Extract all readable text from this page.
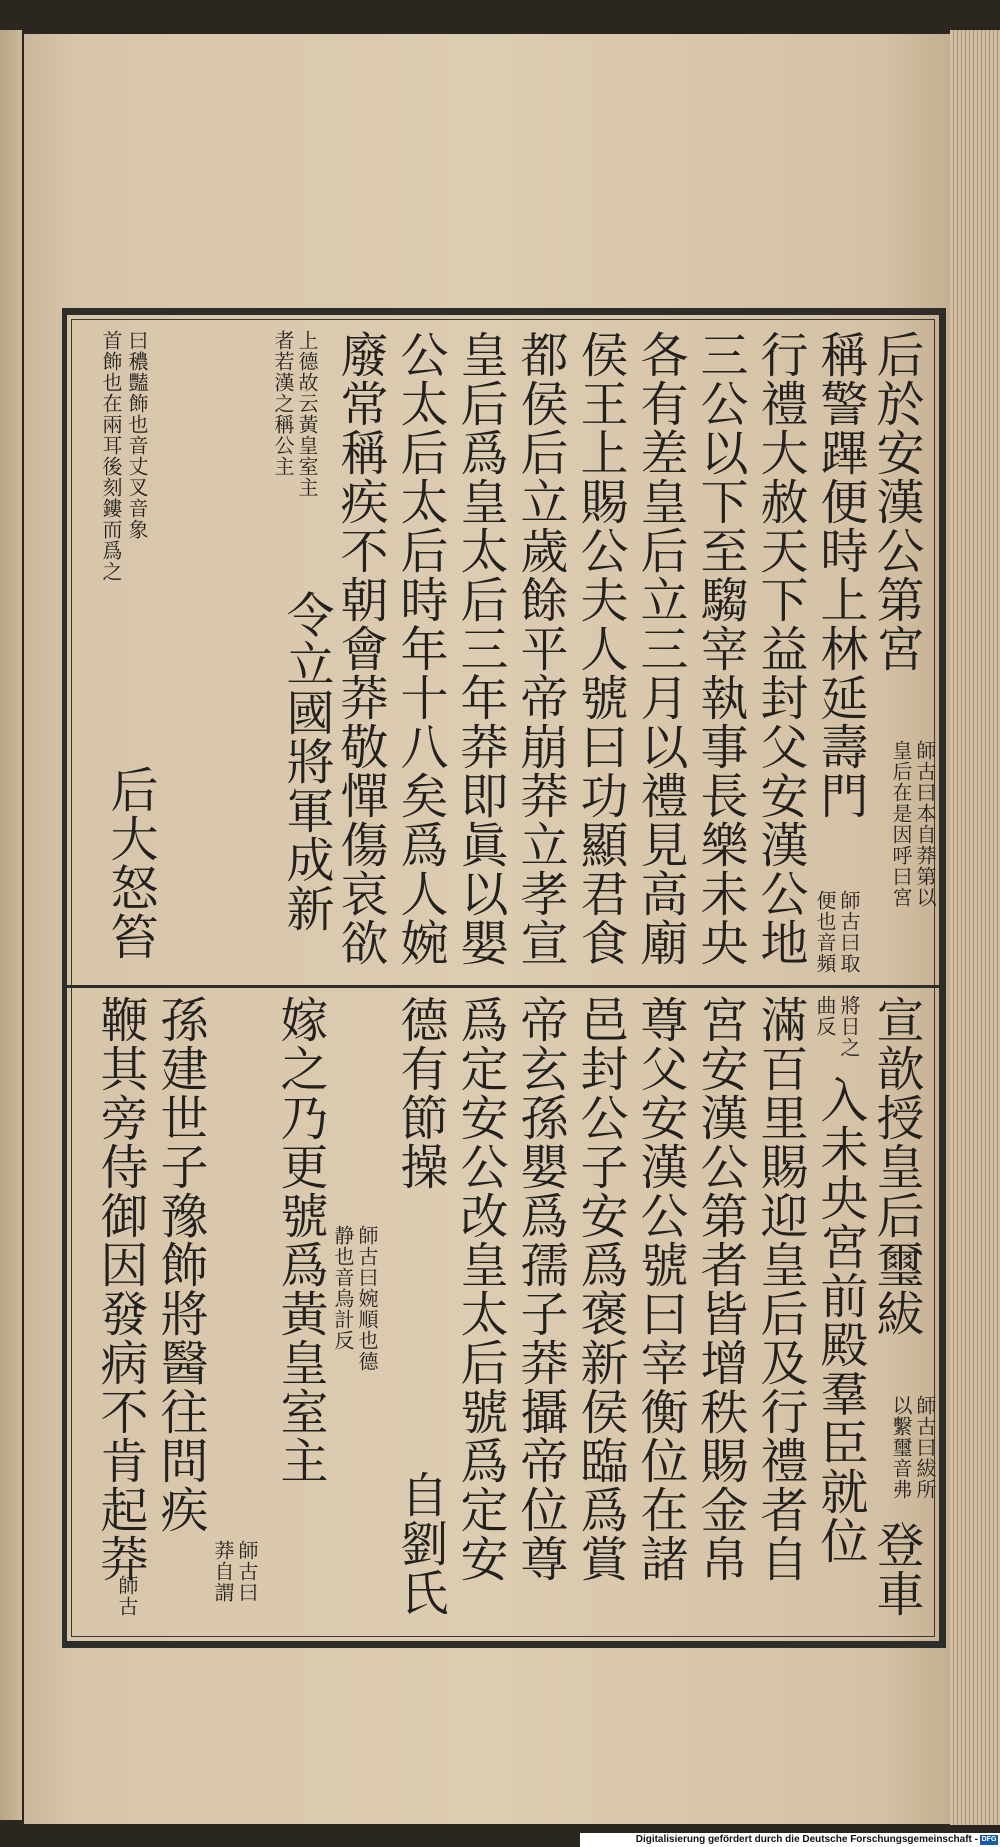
后於安漢公第宮
師古曰本自莽第以
皇后在是因呼曰宮
稱警蹕便時上林延壽門
師古曰取
便也音頻
行禮大赦天下益封父安漢公地
三公以下至騶宰執事長樂未央
各有差皇后立三月以禮見高廟
侯王上賜公夫人號曰功顯君食
都侯后立歲餘平帝崩莽立孝宣
皇后爲皇太后三年莽即眞以嬰
公太后太后時年十八矣爲人婉
廢常稱疾不朝會莽敬憚傷哀欲
上德故云黃皇室主
者若漢之稱公主
令立國將軍成新
曰穠豔飾也音丈叉音象
首飾也在兩耳後刻鏤而爲之
后大怒笞
宣歆授皇后璽紱
師古曰紱所
以繫璽音弗
登車
將日之
曲反
入未央宮前殿羣臣就位
滿百里賜迎皇后及行禮者自
宮安漢公第者皆增秩賜金帛
尊父安漢公號曰宰衡位在諸
邑封公子安爲褒新侯臨爲賞
帝玄孫嬰爲孺子莽攝帝位尊
爲定安公改皇太后號爲定安
德有節操
師古曰婉順也德
静也音烏計反
自劉氏
嫁之乃更號爲黃皇室主
師古曰
莽自謂
孫建世子豫飾將醫往問疾
師古
鞭其旁侍御因發病不肯起莽
Digitalisierung gefördert durch die Deutsche Forschungsgemeinschaft - DFG
